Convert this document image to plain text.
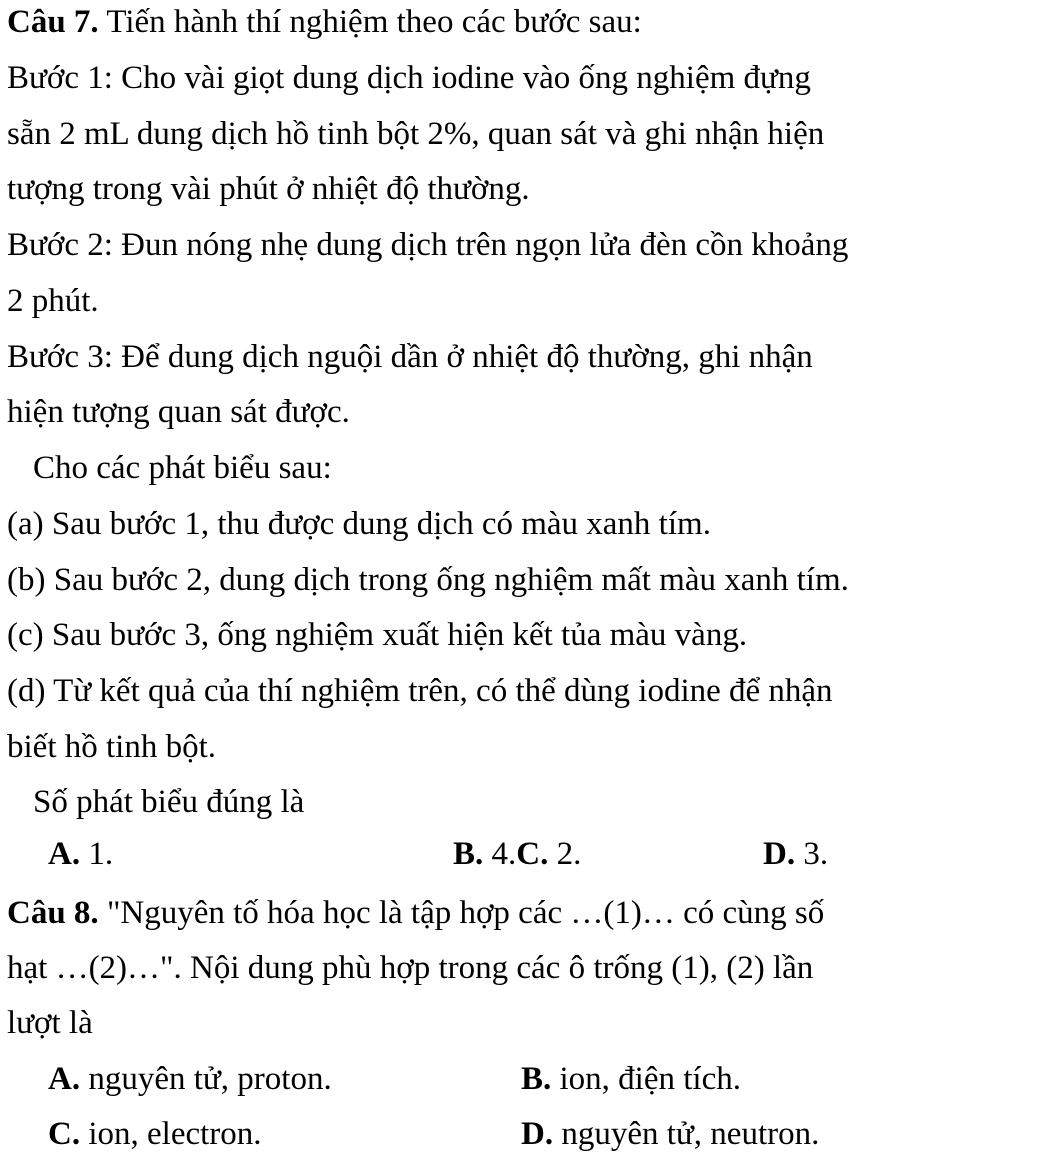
Câu 7. Tiến hành thí nghiệm theo các bước sau:
Bước 1: Cho vài giọt dung dịch iodine vào ống nghiệm đựng
sẵn 2 mL dung dịch hồ tinh bột 2%, quan sát và ghi nhận hiện
tượng trong vài phút ở nhiệt độ thường.
Bước 2: Đun nóng nhẹ dung dịch trên ngọn lửa đèn cồn khoảng
2 phút.
Bước 3: Để dung dịch nguội dần ở nhiệt độ thường, ghi nhận
hiện tượng quan sát được.
Cho các phát biểu sau:
(a) Sau bước 1, thu được dung dịch có màu xanh tím.
(b) Sau bước 2, dung dịch trong ống nghiệm mất màu xanh tím.
(c) Sau bước 3, ống nghiệm xuất hiện kết tủa màu vàng.
(d) Từ kết quả của thí nghiệm trên, có thể dùng iodine để nhận
biết hồ tinh bột.
Số phát biểu đúng là
A. 1.	B. 4.C. 2.	D. 3.
Câu 8. "Nguyên tố hóa học là tập hợp các …(1)… có cùng số
hạt …(2)…". Nội dung phù hợp trong các ô trống (1), (2) lần
lượt là
A. nguyên tử, proton.	B. ion, điện tích.
C. ion, electron.	D. nguyên tử, neutron.
